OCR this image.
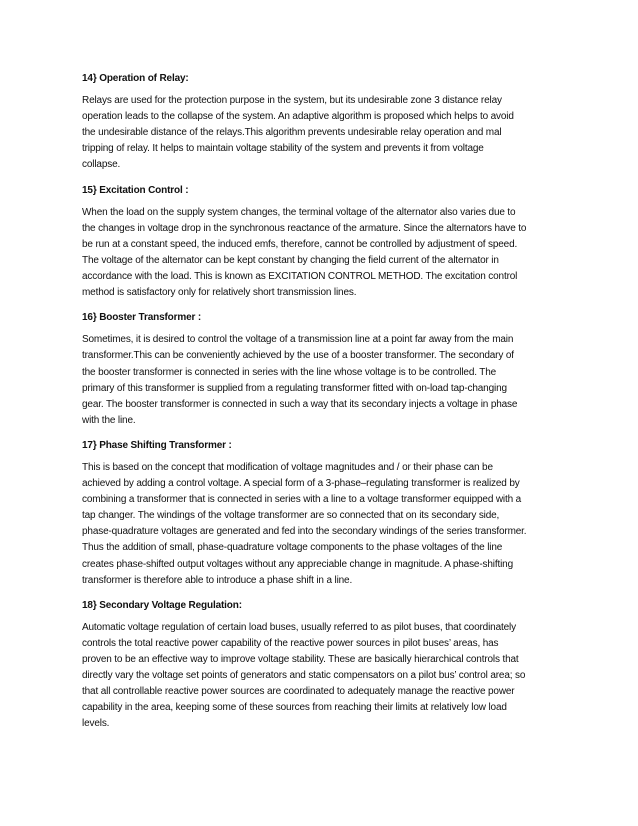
14} Operation of Relay:
Relays are used for the protection purpose in the system, but its undesirable zone 3 distance relay
operation leads to the collapse of the system. An adaptive algorithm is proposed which helps to avoid
the undesirable distance of the relays.This algorithm prevents undesirable relay operation and mal
tripping of relay. It helps to maintain voltage stability of the system and prevents it from voltage
collapse.
15} Excitation Control :
When the load on the supply system changes, the terminal voltage of the alternator also varies due to
the changes in voltage drop in the synchronous reactance of the armature. Since the alternators have to
be run at a constant speed, the induced emfs, therefore, cannot be controlled by adjustment of speed.
The voltage of the alternator can be kept constant by changing the field current of the alternator in
accordance with the load. This is known as EXCITATION CONTROL METHOD. The excitation control
method is satisfactory only for relatively short transmission lines.
16} Booster Transformer :
Sometimes, it is desired to control the voltage of a transmission line at a point far away from the main
transformer.This can be conveniently achieved by the use of a booster transformer. The secondary of
the booster transformer is connected in series with the line whose voltage is to be controlled. The
primary of this transformer is supplied from a regulating transformer fitted with on-load tap-changing
gear. The booster transformer is connected in such a way that its secondary injects a voltage in phase
with the line.
17} Phase Shifting Transformer :
This is based on the concept that modification of voltage magnitudes and / or their phase can be
achieved by adding a control voltage. A special form of a 3-phase–regulating transformer is realized by
combining a transformer that is connected in series with a line to a voltage transformer equipped with a
tap changer. The windings of the voltage transformer are so connected that on its secondary side,
phase-quadrature voltages are generated and fed into the secondary windings of the series transformer.
Thus the addition of small, phase-quadrature voltage components to the phase voltages of the line
creates phase-shifted output voltages without any appreciable change in magnitude. A phase-shifting
transformer is therefore able to introduce a phase shift in a line.
18} Secondary Voltage Regulation:
Automatic voltage regulation of certain load buses, usually referred to as pilot buses, that coordinately
controls the total reactive power capability of the reactive power sources in pilot buses’ areas, has
proven to be an effective way to improve voltage stability. These are basically hierarchical controls that
directly vary the voltage set points of generators and static compensators on a pilot bus’ control area; so
that all controllable reactive power sources are coordinated to adequately manage the reactive power
capability in the area, keeping some of these sources from reaching their limits at relatively low load
levels.
